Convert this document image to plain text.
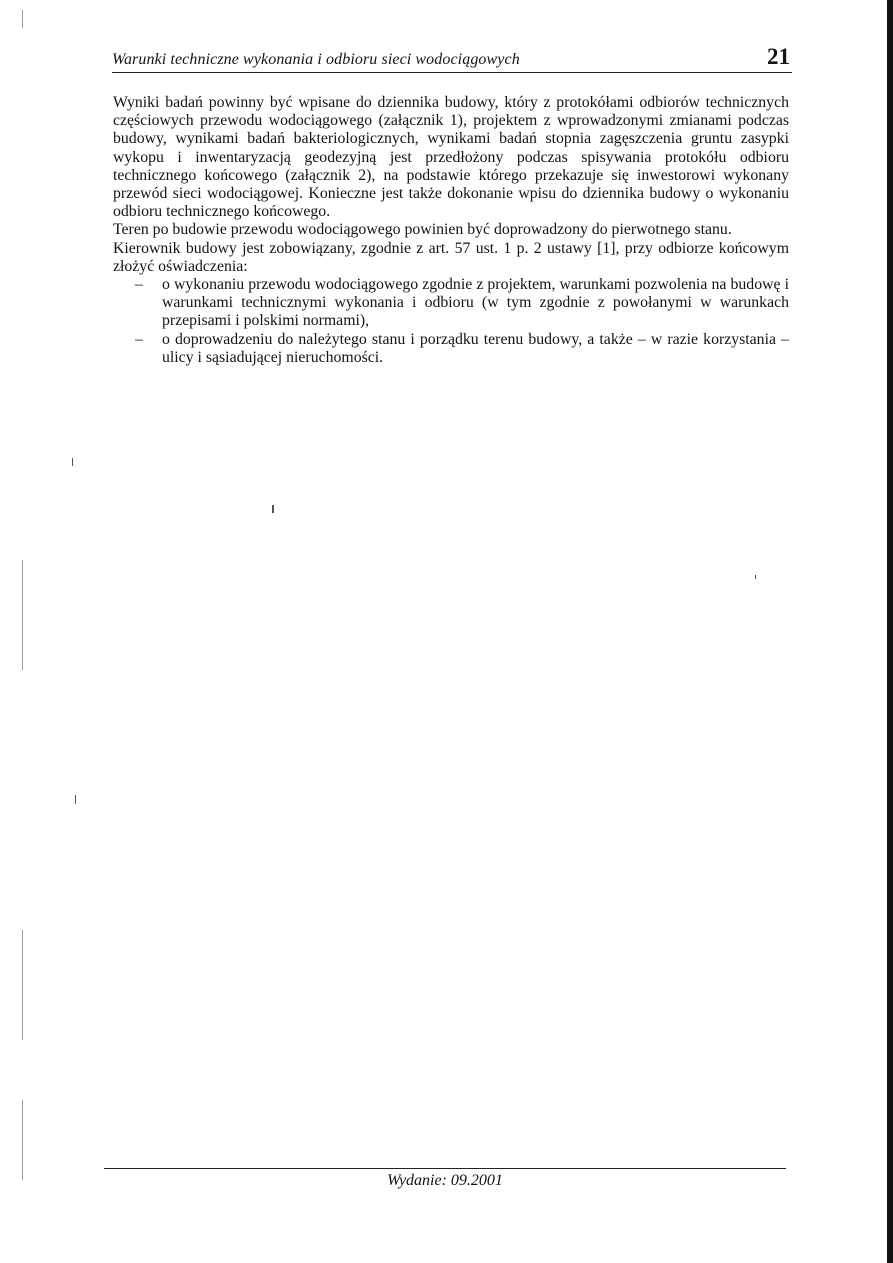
Warunki techniczne wykonania i odbioru sieci wodociągowych	21

Wyniki badań powinny być wpisane do dziennika budowy, który z protokółami odbiorów technicznych częściowych przewodu wodociągowego (załącznik 1), projektem z wprowadzonymi zmianami podczas budowy, wynikami badań bakteriologicznych, wynikami badań stopnia zagęszczenia gruntu zasypki wykopu i inwentaryzacją geodezyjną jest przedłożony podczas spisywania protokółu odbioru technicznego końcowego (załącznik 2), na podstawie którego przekazuje się inwestorowi wykonany przewód sieci wodociągowej. Konieczne jest także dokonanie wpisu do dziennika budowy o wykonaniu odbioru technicznego końcowego.

Teren po budowie przewodu wodociągowego powinien być doprowadzony do pierwotnego stanu.

Kierownik budowy jest zobowiązany, zgodnie z art. 57 ust. 1 p. 2 ustawy [1], przy odbiorze końcowym złożyć oświadczenia:

– o wykonaniu przewodu wodociągowego zgodnie z projektem, warunkami pozwolenia na budowę i warunkami technicznymi wykonania i odbioru (w tym zgodnie z powołanymi w warunkach przepisami i polskimi normami),
– o doprowadzeniu do należytego stanu i porządku terenu budowy, a także – w razie korzystania – ulicy i sąsiadującej nieruchomości.
Wydanie: 09.2001
